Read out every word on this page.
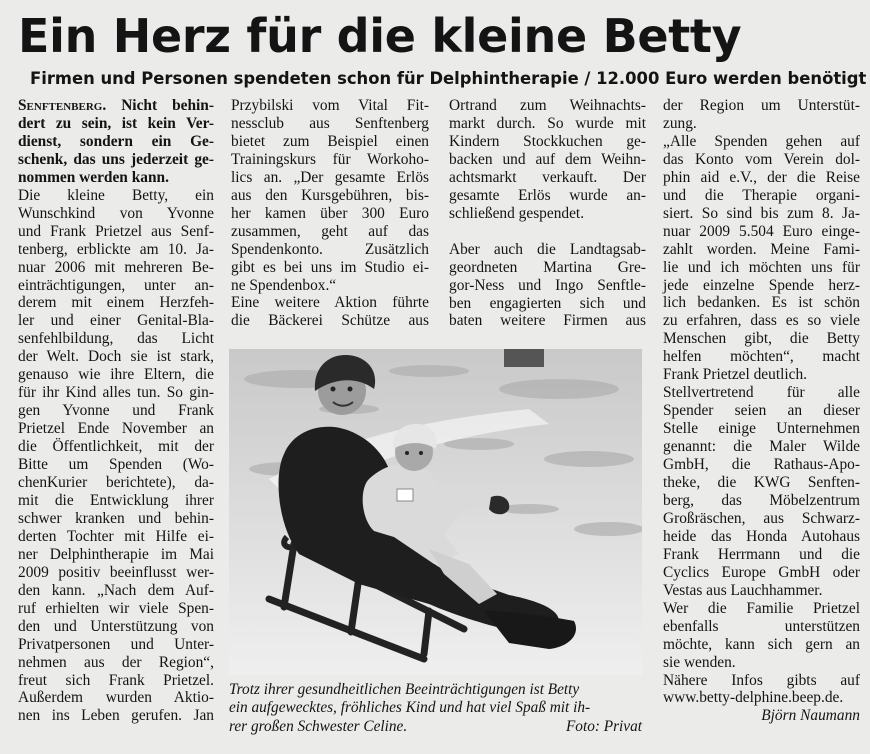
Ein Herz für die kleine Betty
Firmen und Personen spendeten schon für Delphintherapie / 12.000 Euro werden benötigt

Senftenberg. Nicht behin-

dert zu sein, ist kein Ver-

dienst, sondern ein Ge-

schenk, das uns jederzeit ge-

nommen werden kann.

Die kleine Betty, ein

Wunschkind von Yvonne

und Frank Prietzel aus Senf-

tenberg, erblickte am 10. Ja-

nuar 2006 mit mehreren Be-

einträchtigungen, unter an-

derem mit einem Herzfeh-

ler und einer Genital-Bla-

senfehlbildung, das Licht

der Welt. Doch sie ist stark,

genauso wie ihre Eltern, die

für ihr Kind alles tun. So gin-

gen Yvonne und Frank

Prietzel Ende November an

die Öffentlichkeit, mit der

Bitte um Spenden (Wo-

chenKurier berichtete), da-

mit die Entwicklung ihrer

schwer kranken und behin-

derten Tochter mit Hilfe ei-

ner Delphintherapie im Mai

2009 positiv beeinflusst wer-

den kann. „Nach dem Auf-

ruf erhielten wir viele Spen-

den und Unterstützung von

Privatpersonen und Unter-

nehmen aus der Region“,

freut sich Frank Prietzel.

Außerdem wurden Aktio-

nen ins Leben gerufen. Jan

Przybilski vom Vital Fit-

nessclub aus Senftenberg

bietet zum Beispiel einen

Trainingskurs für Workoho-

lics an. „Der gesamte Erlös

aus den Kursgebühren, bis-

her kamen über 300 Euro

zusammen, geht auf das

Spendenkonto. Zusätzlich

gibt es bei uns im Studio ei-

ne Spendenbox.“

Eine weitere Aktion führte

die Bäckerei Schütze aus

Ortrand zum Weihnachts-

markt durch. So wurde mit

Kindern Stockkuchen ge-

backen und auf dem Weihn-

achtsmarkt verkauft. Der

gesamte Erlös wurde an-

schließend gespendet.

Aber auch die Landtagsab-

geordneten Martina Gre-

gor-Ness und Ingo Senftle-

ben engagierten sich und

baten weitere Firmen aus

der Region um Unterstüt-

zung.

„Alle Spenden gehen auf

das Konto vom Verein dol-

phin aid e.V., der die Reise

und die Therapie organi-

siert. So sind bis zum 8. Ja-

nuar 2009 5.504 Euro einge-

zahlt worden. Meine Fami-

lie und ich möchten uns für

jede einzelne Spende herz-

lich bedanken. Es ist schön

zu erfahren, dass es so viele

Menschen gibt, die Betty

helfen möchten“, macht

Frank Prietzel deutlich.

Stellvertretend für alle

Spender seien an dieser

Stelle einige Unternehmen

genannt: die Maler Wilde

GmbH, die Rathaus-Apo-

theke, die KWG Senften-

berg, das Möbelzentrum

Großräschen, aus Schwarz-

heide das Honda Autohaus

Frank Herrmann und die

Cyclics Europe GmbH oder

Vestas aus Lauchhammer.

Wer die Familie Prietzel

ebenfalls unterstützen

möchte, kann sich gern an

sie wenden.

Nähere Infos gibts auf

www.betty-delphine.beep.de.

Björn Naumann

Trotz ihrer gesundheitlichen Beeinträchtigungen ist Betty
ein aufgewecktes, fröhliches Kind und hat viel Spaß mit ih-
rer großen Schwester Celine.	Foto: Privat
